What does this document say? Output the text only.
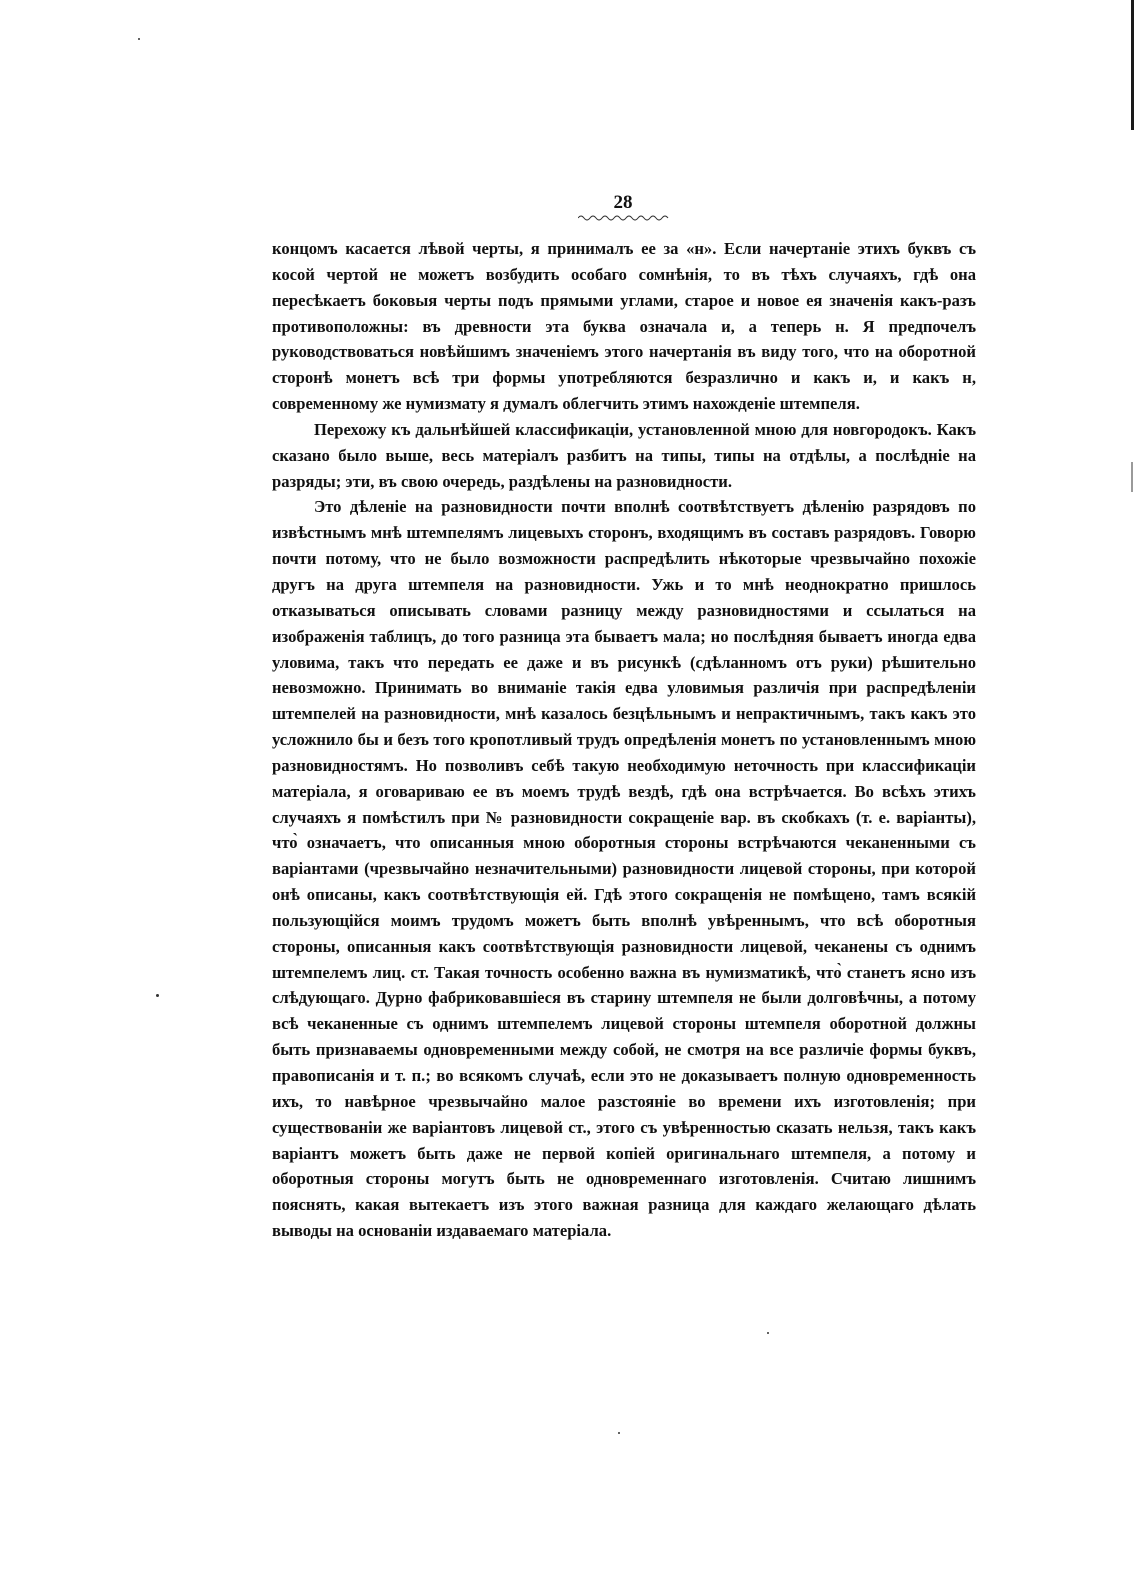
28

концомъ касается лѣвой черты, я принималъ ее за «н». Если начертаніе этихъ буквъ съ косой чертой не можетъ возбудить особаго сомнѣнія, то въ тѣхъ случаяхъ, гдѣ она пересѣкаетъ боковыя черты подъ прямыми углами, старое и новое ея значенія какъ-разъ противоположны: въ древности эта буква означала и, а теперь н. Я предпочелъ руководствоваться новѣйшимъ значеніемъ этого начертанія въ виду того, что на оборотной сторонѣ монетъ всѣ три формы употребляются безразлично и какъ и, и какъ н, современному же нумизмату я думалъ облегчить этимъ нахожденіе штемпеля.

Перехожу къ дальнѣйшей классификаціи, установленной мною для новгородокъ. Какъ сказано было выше, весь матеріалъ разбитъ на типы, типы на отдѣлы, а послѣдніе на разряды; эти, въ свою очередь, раздѣлены на разновидности.

Это дѣленіе на разновидности почти вполнѣ соотвѣтствуетъ дѣленію разрядовъ по извѣстнымъ мнѣ штемпелямъ лицевыхъ сторонъ, входящимъ въ составъ разрядовъ. Говорю почти потому, что не было возможности распредѣлить нѣкоторые чрезвычайно похожіе другъ на друга штемпеля на разновидности. Ужь и то мнѣ неоднократно пришлось отказываться описывать словами разницу между разновидностями и ссылаться на изображенія таблицъ, до того разница эта бываетъ мала; но послѣдняя бываетъ иногда едва уловима, такъ что передать ее даже и въ рисункѣ (сдѣланномъ отъ руки) рѣшительно невозможно. Принимать во вниманіе такія едва уловимыя различія при распредѣленіи штемпелей на разновидности, мнѣ казалось безцѣльнымъ и непрактичнымъ, такъ какъ это усложнило бы и безъ того кропотливый трудъ опредѣленія монетъ по установленнымъ мною разновидностямъ. Но позволивъ себѣ такую необходимую неточность при классификаціи матеріала, я оговариваю ее въ моемъ трудѣ вездѣ, гдѣ она встрѣчается. Во всѣхъ этихъ случаяхъ я помѣстилъ при № разновидности сокращеніе вар. въ скобкахъ (т. е. варіанты), что̀ означаетъ, что описанныя мною оборотныя стороны встрѣчаются чеканенными съ варіантами (чрезвычайно незначительными) разновидности лицевой стороны, при которой онѣ описаны, какъ соотвѣтствующія ей. Гдѣ этого сокращенія не помѣщено, тамъ всякій пользующійся моимъ трудомъ можетъ быть вполнѣ увѣреннымъ, что всѣ оборотныя стороны, описанныя какъ соотвѣтствующія разновидности лицевой, чеканены съ однимъ штемпелемъ лиц. ст. Такая точность особенно важна въ нумизматикѣ, что̀ станетъ ясно изъ слѣдующаго. Дурно фабриковавшіеся въ старину штемпеля не были долговѣчны, а потому всѣ чеканенные съ однимъ штемпелемъ лицевой стороны штемпеля оборотной должны быть признаваемы одновременными между собой, не смотря на все различіе формы буквъ, правописанія и т. п.; во всякомъ случаѣ, если это не доказываетъ полную одновременность ихъ, то навѣрное чрезвычайно малое разстояніе во времени ихъ изготовленія; при существованіи же варіантовъ лицевой ст., этого съ увѣренностью сказать нельзя, такъ какъ варіантъ можетъ быть даже не первой копіей оригинальнаго штемпеля, а потому и оборотныя стороны могутъ быть не одновременнаго изготовленія. Считаю лишнимъ пояснять, какая вытекаетъ изъ этого важная разница для каждаго желающаго дѣлать выводы на основаніи издаваемаго матеріала.
